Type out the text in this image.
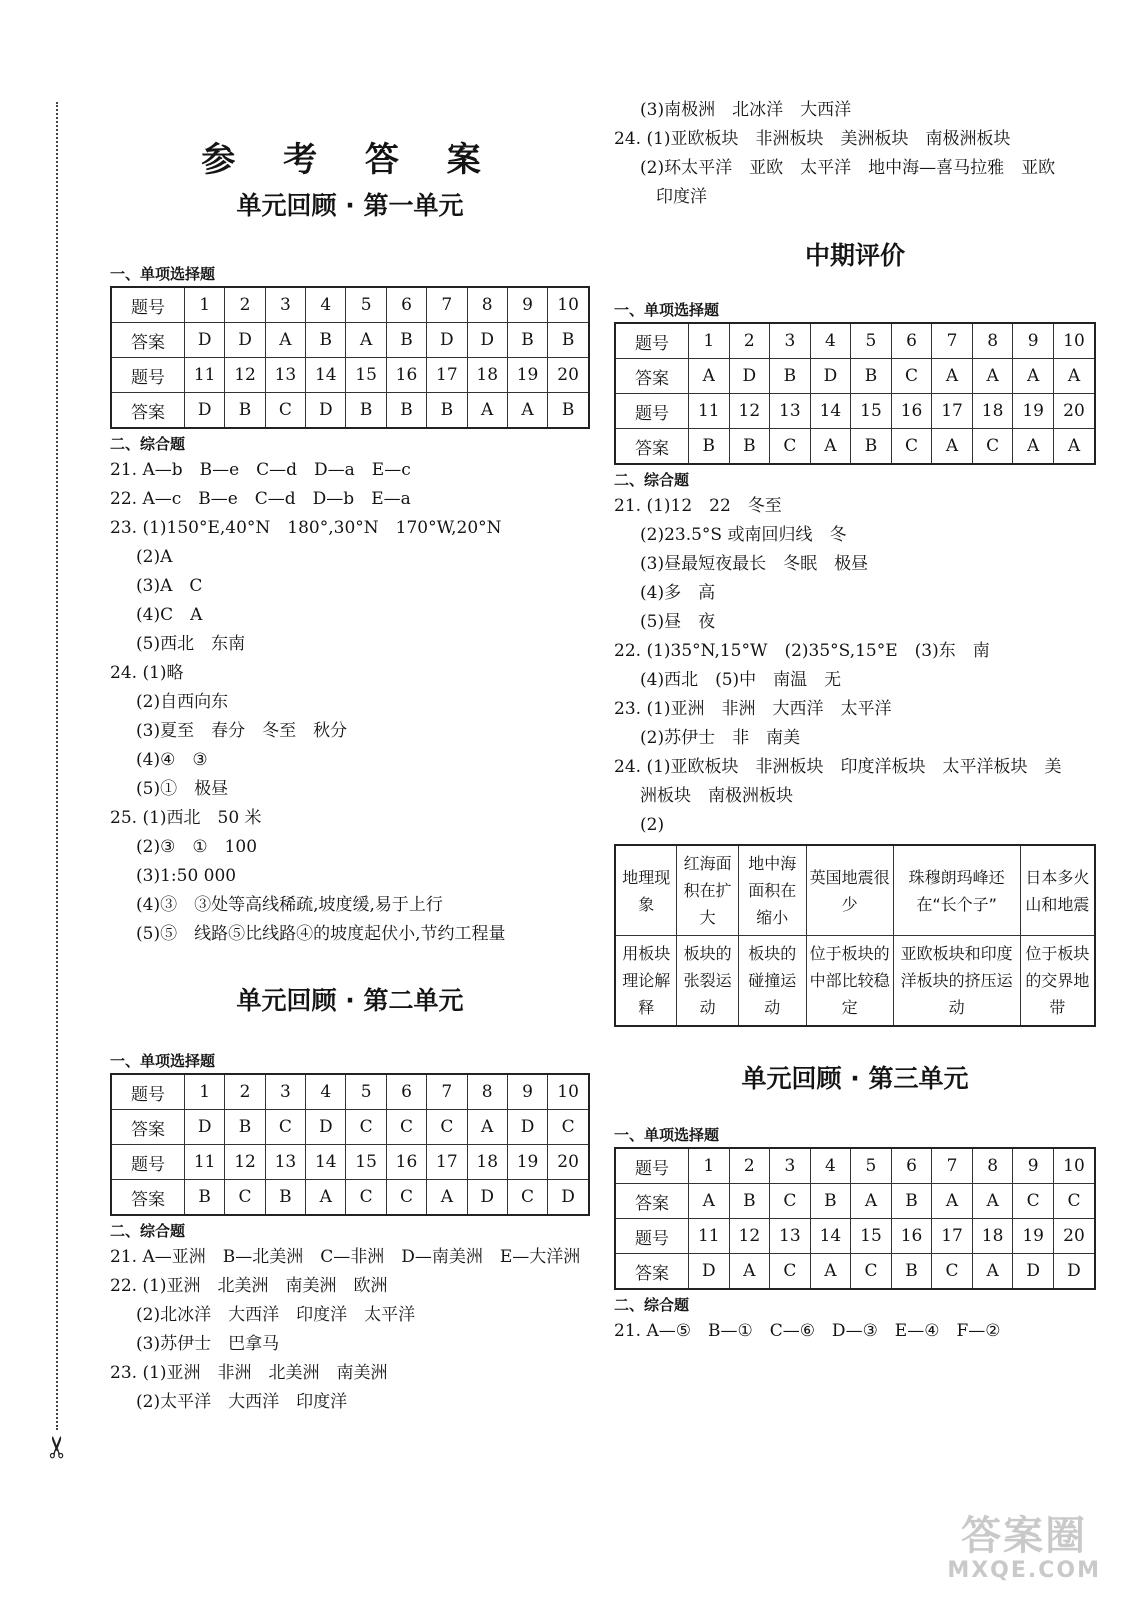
✂
参 考 答 案
单元回顾 · 第一单元
一、单项选择题
题号	1	2	3	4	5	6	7	8	9	10
答案	D	D	A	B	A	B	D	D	B	B
题号	11	12	13	14	15	16	17	18	19	20
答案	D	B	C	D	B	B	B	A	A	B
二、综合题
21. A—b　B—e　C—d　D—a　E—c
22. A—c　B—e　C—d　D—b　E—a
23. (1)150°E,40°N　180°,30°N　170°W,20°N
(2)A
(3)A　C
(4)C　A
(5)西北　东南
24. (1)略
(2)自西向东
(3)夏至　春分　冬至　秋分
(4)④　③
(5)①　极昼
25. (1)西北　50 米
(2)③　①　100
(3)1:50 000
(4)③　③处等高线稀疏,坡度缓,易于上行
(5)⑤　线路⑤比线路④的坡度起伏小,节约工程量
单元回顾 · 第二单元
一、单项选择题
题号	1	2	3	4	5	6	7	8	9	10
答案	D	B	C	D	C	C	C	A	D	C
题号	11	12	13	14	15	16	17	18	19	20
答案	B	C	B	A	C	C	A	D	C	D
二、综合题
21. A—亚洲　B—北美洲　C—非洲　D—南美洲　E—大洋洲
22. (1)亚洲　北美洲　南美洲　欧洲
(2)北冰洋　大西洋　印度洋　太平洋
(3)苏伊士　巴拿马
23. (1)亚洲　非洲　北美洲　南美洲
(2)太平洋　大西洋　印度洋
(3)南极洲　北冰洋　大西洋
24. (1)亚欧板块　非洲板块　美洲板块　南极洲板块
(2)环太平洋　亚欧　太平洋　地中海—喜马拉雅　亚欧
印度洋
中期评价
一、单项选择题
题号	1	2	3	4	5	6	7	8	9	10
答案	A	D	B	D	B	C	A	A	A	A
题号	11	12	13	14	15	16	17	18	19	20
答案	B	B	C	A	B	C	A	C	A	A
二、综合题
21. (1)12　22　冬至
(2)23.5°S 或南回归线　冬
(3)昼最短夜最长　冬眠　极昼
(4)多　高
(5)昼　夜
22. (1)35°N,15°W　(2)35°S,15°E　(3)东　南
(4)西北　(5)中　南温　无
23. (1)亚洲　非洲　大西洋　太平洋
(2)苏伊士　非　南美
24. (1)亚欧板块　非洲板块　印度洋板块　太平洋板块　美
洲板块　南极洲板块
(2)
地理现象	红海面积在扩大	地中海面积在缩小	英国地震很少	珠穆朗玛峰还在“长个子”	日本多火山和地震
用板块理论解释	板块的张裂运动	板块的碰撞运动	位于板块的中部比较稳定	亚欧板块和印度洋板块的挤压运动	位于板块的交界地带
单元回顾 · 第三单元
一、单项选择题
题号	1	2	3	4	5	6	7	8	9	10
答案	A	B	C	B	A	B	A	A	C	C
题号	11	12	13	14	15	16	17	18	19	20
答案	D	A	C	A	C	B	C	A	D	D
二、综合题
21. A—⑤　B—①　C—⑥　D—③　E—④　F—②
答案圈
MXQE.COM
